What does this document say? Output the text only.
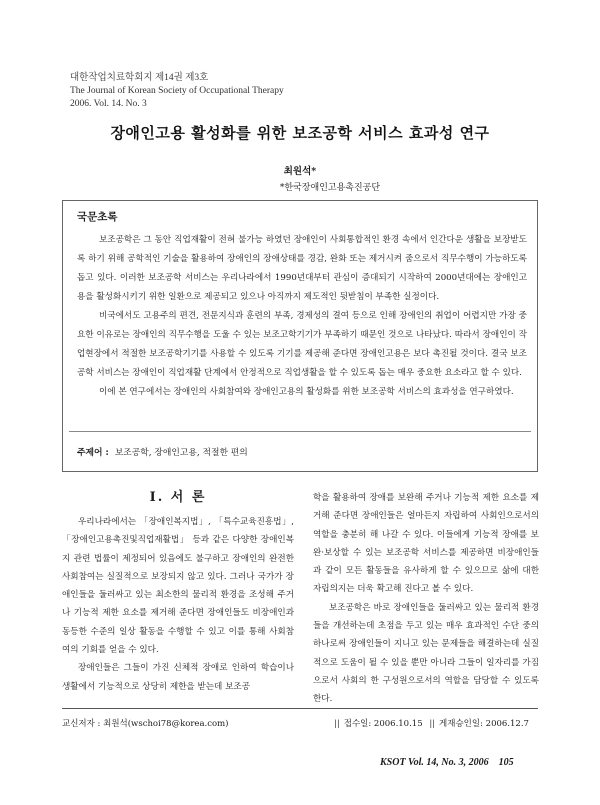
대한작업치료학회지 제14권 제3호
The Journal of Korean Society of Occupational Therapy
2006. Vol. 14. No. 3
장애인고용 활성화를 위한 보조공학 서비스 효과성 연구
최원석*
*한국장애인고용촉진공단
국문초록

보조공학은 그 동안 직업재활이 전혀 불가능 하였던 장애인이 사회통합적인 환경 속에서 인간다운 생활을 보장받도록 하기 위해 공학적인 기술을 활용하여 장애인의 장애상태를 경감, 완화 또는 제거시켜 줌으로서 직무수행이 가능하도록 돕고 있다. 이러한 보조공학 서비스는 우리나라에서 1990년대부터 관심이 증대되기 시작하여 2000년대에는 장애인고용을 활성화시키기 위한 일환으로 제공되고 있으나 아직까지 제도적인 뒷받침이 부족한 실정이다.

비국에서도 고용주의 편견, 전문지식과 훈련의 부족, 경제성의 결여 등으로 인해 장애인의 취업이 어렵지만 가장 중요한 이유로는 장애인의 직무수행을 도울 수 있는 보조고학기기가 부족하기 때문인 것으로 나타났다. 따라서 장애인이 작업현장에서 적절한 보조공학기기를 사용할 수 있도록 기기를 제공해 준다면 장애인고용은 보다 촉진될 것이다. 결국 보조공학 서비스는 장애인이 직업재활 단계에서 안정적으로 직업생활을 할 수 있도록 돕는 매우 중요한 요소라고 할 수 있다.

이에 본 연구에서는 장애인의 사회참여와 장애인고용의 활성화를 위한 보조공학 서비스의 효과성을 연구하였다.

주제어 : 보조공학, 장애인고용, 적절한 편의
Ⅰ. 서 론

우리나라에서는 「장애인복지법」, 「특수교육진흥법」, 「장애인고용촉진및직업재활법」 등과 같은 다양한 장애인복지 관련 법률이 제정되어 있음에도 불구하고 장애인의 완전한 사회참여는 실질적으로 보장되지 않고 있다. 그러나 국가가 장애인들을 둘러싸고 있는 최소한의 물리적 환경을 조성해 주거나 기능적 제한 요소를 제거해 준다면 장애인들도 비장애인과 동등한 수준의 일상 활동을 수행할 수 있고 이를 통해 사회참여의 기회를 얻을 수 있다.

장애인들은 그들이 가진 신체적 장애로 인하여 학습이나 생활에서 기능적으로 상당히 제한을 받는데 보조공

학을 활용하여 장애를 보완해 주거나 기능적 제한 요소를 제거해 준다면 장애인들은 얼마든지 자립하여 사회인으로서의 역할을 충분히 해 나갈 수 있다. 이들에게 기능적 장애를 보완·보상할 수 있는 보조공학 서비스를 제공하면 비장애인들과 같이 모든 활동들을 유사하게 할 수 있으므로 삶에 대한 자립의지는 더욱 확고해 진다고 볼 수 있다.

보조공학은 바로 장애인들을 둘러싸고 있는 물리적 환경들을 개선하는데 초점을 두고 있는 매우 효과적인 수단 중의 하나로써 장애인들이 지니고 있는 문제들을 해결하는데 실질적으로 도움이 될 수 있을 뿐만 아니라 그들이 일자리를 가짐으로서 사회의 한 구성원으로서의 역할을 담당할 수 있도록 한다.

교신저자 : 최원석(wschoi78@korea.com)	|| 접수일: 2006.10.15 || 게재승인일: 2006.12.7
KSOT Vol. 14, No. 3, 2006 105
